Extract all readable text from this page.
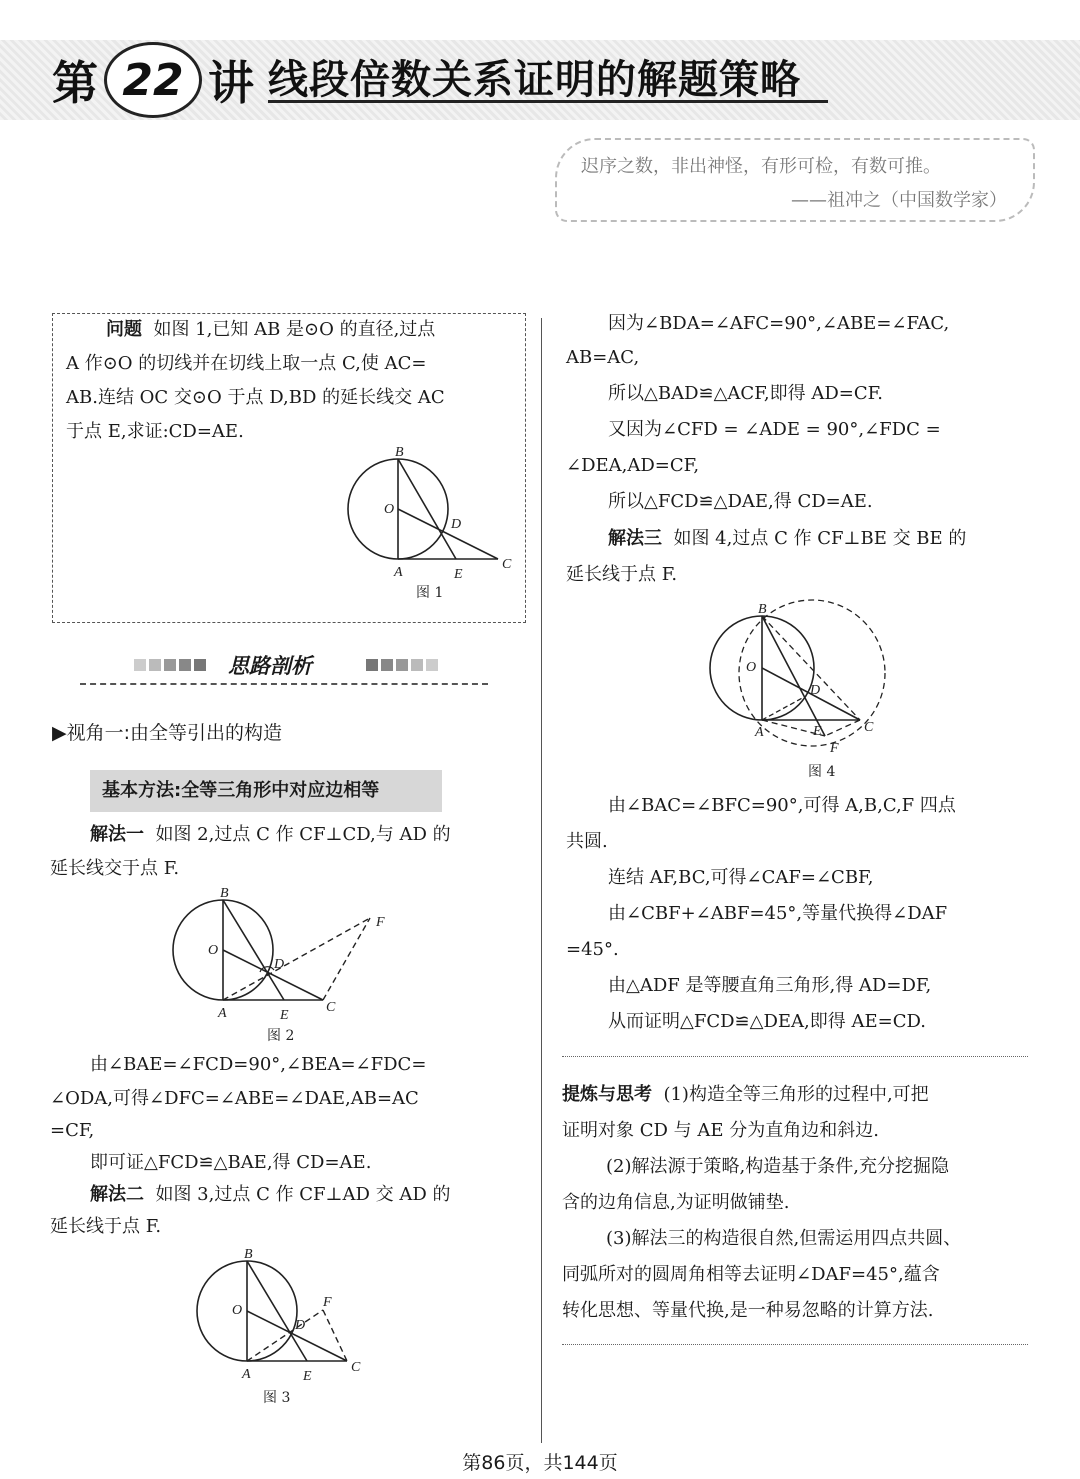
第 22 讲 线段倍数关系证明的解题策略
迟序之数，非出神怪，有形可检，有数可推。
——祖冲之（中国数学家）
问题 如图 1,已知 AB 是⊙O 的直径,过点
A 作⊙O 的切线并在切线上取一点 C,使 AC=
AB.连结 OC 交⊙O 于点 D,BD 的延长线交 AC
于点 E,求证:CD=AE.
B
O
D
A	E
C
图 1
思路剖析
▶视角一:由全等引出的构造
基本方法:全等三角形中对应边相等
解法一 如图 2,过点 C 作 CF⊥CD,与 AD 的
延长线交于点 F.
B
O
D
A	E
C
F
图 2
由∠BAE=∠FCD=90°,∠BEA=∠FDC=
∠ODA,可得∠DFC=∠ABE=∠DAE,AB=AC
=CF,
即可证△FCD≌△BAE,得 CD=AE.
解法二 如图 3,过点 C 作 CF⊥AD 交 AD 的
延长线于点 F.
B
O
D
A	E
C
F
图 3
因为∠BDA=∠AFC=90°,∠ABE=∠FAC,
AB=AC,
所以△BAD≌△ACF,即得 AD=CF.
又因为∠CFD = ∠ADE = 90°,∠FDC =
∠DEA,AD=CF,
所以△FCD≌△DAE,得 CD=AE.
解法三 如图 4,过点 C 作 CF⊥BE 交 BE 的
延长线于点 F.
B
O
D
A	E	C
F
图 4
由∠BAC=∠BFC=90°,可得 A,B,C,F 四点
共圆.
连结 AF,BC,可得∠CAF=∠CBF,
由∠CBF+∠ABF=45°,等量代换得∠DAF
=45°.
由△ADF 是等腰直角三角形,得 AD=DF,
从而证明△FCD≌△DEA,即得 AE=CD.
提炼与思考 (1)构造全等三角形的过程中,可把
证明对象 CD 与 AE 分为直角边和斜边.
(2)解法源于策略,构造基于条件,充分挖掘隐
含的边角信息,为证明做铺垫.
(3)解法三的构造很自然,但需运用四点共圆、
同弧所对的圆周角相等去证明∠DAF=45°,蕴含
转化思想、等量代换,是一种易忽略的计算方法.
第86页，共144页
